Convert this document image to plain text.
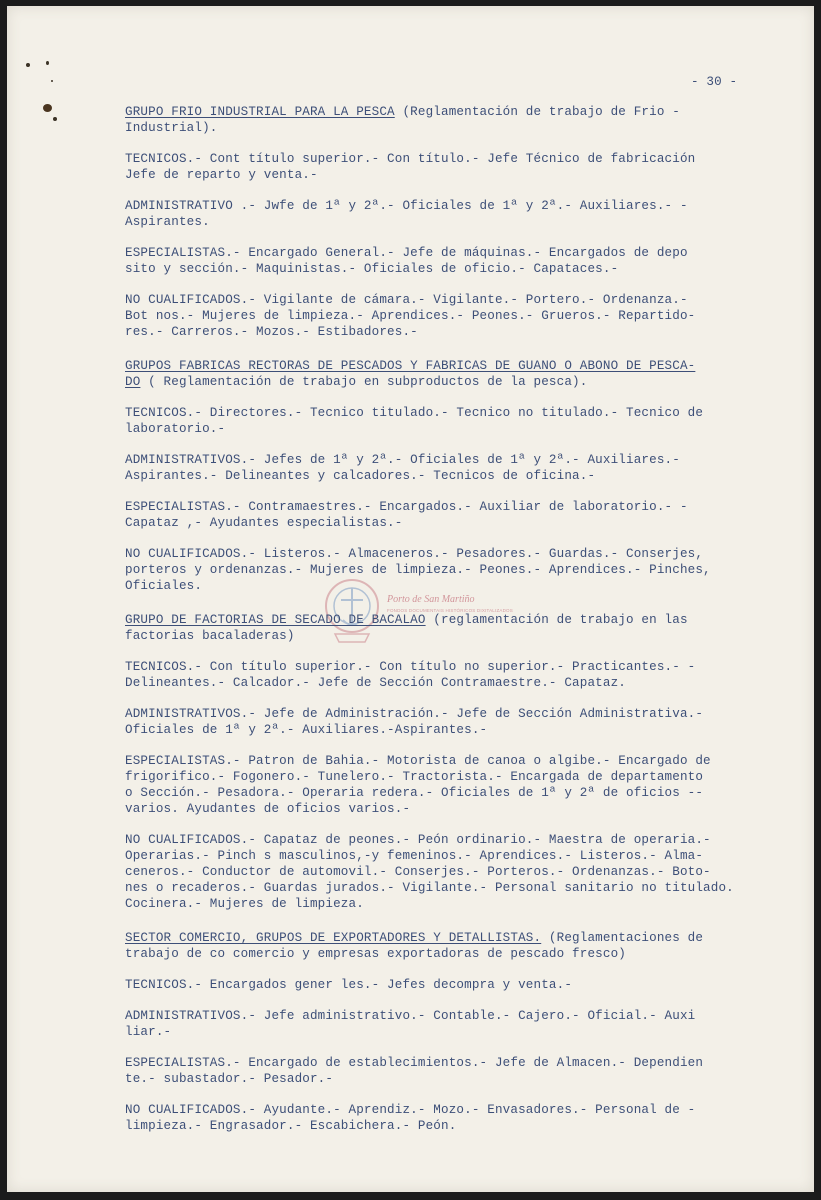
- 30 -
Porto de San Martiño
FONDOS DOCUMENTAIS HISTÓRICOS DIXITALIZADOS
GRUPO FRIO INDUSTRIAL PARA LA PESCA (Reglamentación de trabajo de Frio -
Industrial).
TECNICOS.- Cont título superior.- Con título.- Jefe Técnico de fabricación
Jefe de reparto y venta.-
ADMINISTRATIVO .- Jwfe de 1ª y 2ª.- Oficiales de 1ª y 2ª.- Auxiliares.- -
Aspirantes.
ESPECIALISTAS.- Encargado General.- Jefe de máquinas.- Encargados de depo
sito y sección.- Maquinistas.- Oficiales de oficio.- Capataces.-
NO CUALIFICADOS.- Vigilante de cámara.- Vigilante.- Portero.- Ordenanza.-
Bot nos.- Mujeres de limpieza.- Aprendices.- Peones.- Grueros.- Repartido-
res.- Carreros.- Mozos.- Estibadores.-
GRUPOS FABRICAS RECTORAS DE PESCADOS Y FABRICAS DE GUANO O ABONO DE PESCA-
DO ( Reglamentación de trabajo en subproductos de la pesca).
TECNICOS.- Directores.- Tecnico titulado.- Tecnico no titulado.- Tecnico de
laboratorio.-
ADMINISTRATIVOS.- Jefes de 1ª y 2ª.- Oficiales de 1ª y 2ª.- Auxiliares.-
Aspirantes.- Delineantes y calcadores.- Tecnicos de oficina.-
ESPECIALISTAS.- Contramaestres.- Encargados.- Auxiliar de laboratorio.- -
Capataz ,- Ayudantes especialistas.-
NO CUALIFICADOS.- Listeros.- Almaceneros.- Pesadores.- Guardas.- Conserjes,
porteros y ordenanzas.- Mujeres de limpieza.- Peones.- Aprendices.- Pinches,
Oficiales.
GRUPO DE FACTORIAS DE SECADO DE BACALAO (reglamentación de trabajo en las
factorias bacaladeras)
TECNICOS.- Con título superior.- Con título no superior.- Practicantes.- -
Delineantes.- Calcador.- Jefe de Sección Contramaestre.- Capataz.
ADMINISTRATIVOS.- Jefe de Administración.- Jefe de Sección Administrativa.-
Oficiales de 1ª y 2ª.- Auxiliares.-Aspirantes.-
ESPECIALISTAS.- Patron de Bahia.- Motorista de canoa o algibe.- Encargado de
frigorifico.- Fogonero.- Tunelero.- Tractorista.- Encargada de departamento
o Sección.- Pesadora.- Operaria redera.- Oficiales de 1ª y 2ª de oficios --
varios. Ayudantes de oficios varios.-
NO CUALIFICADOS.- Capataz de peones.- Peón ordinario.- Maestra de operaria.-
Operarias.- Pinch s masculinos,-y femeninos.- Aprendices.- Listeros.- Alma-
ceneros.- Conductor de automovil.- Conserjes.- Porteros.- Ordenanzas.- Boto-
nes o recaderos.- Guardas jurados.- Vigilante.- Personal sanitario no titulado.
Cocinera.- Mujeres de limpieza.
SECTOR COMERCIO, GRUPOS DE EXPORTADORES Y DETALLISTAS. (Reglamentaciones de
trabajo de co comercio y empresas exportadoras de pescado fresco)
TECNICOS.- Encargados gener les.- Jefes decompra y venta.-
ADMINISTRATIVOS.- Jefe administrativo.- Contable.- Cajero.- Oficial.- Auxi
liar.-
ESPECIALISTAS.- Encargado de establecimientos.- Jefe de Almacen.- Dependien
te.- subastador.- Pesador.-
NO CUALIFICADOS.- Ayudante.- Aprendiz.- Mozo.- Envasadores.- Personal de -
limpieza.- Engrasador.- Escabichera.- Peón.
